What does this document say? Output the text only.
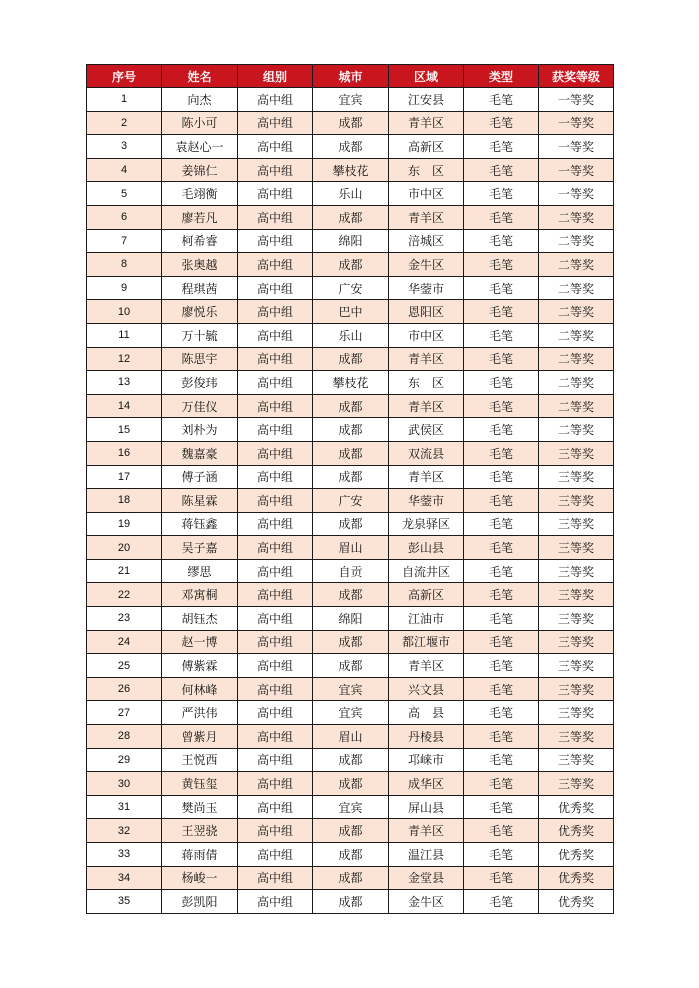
序号	姓名	组别	城市	区域	类型	获奖等级
1	向杰	高中组	宜宾	江安县	毛笔	一等奖
2	陈小可	高中组	成都	青羊区	毛笔	一等奖
3	袁赵心一	高中组	成都	高新区	毛笔	一等奖
4	姜锦仁	高中组	攀枝花	东　区	毛笔	一等奖
5	毛翊衡	高中组	乐山	市中区	毛笔	一等奖
6	廖若凡	高中组	成都	青羊区	毛笔	二等奖
7	柯希睿	高中组	绵阳	涪城区	毛笔	二等奖
8	张奥越	高中组	成都	金牛区	毛笔	二等奖
9	程琪茜	高中组	广安	华蓥市	毛笔	二等奖
10	廖悦乐	高中组	巴中	恩阳区	毛笔	二等奖
11	万十毓	高中组	乐山	市中区	毛笔	二等奖
12	陈思宇	高中组	成都	青羊区	毛笔	二等奖
13	彭俊玮	高中组	攀枝花	东　区	毛笔	二等奖
14	万佳仪	高中组	成都	青羊区	毛笔	二等奖
15	刘朴为	高中组	成都	武侯区	毛笔	二等奖
16	魏嘉豪	高中组	成都	双流县	毛笔	三等奖
17	傅子涵	高中组	成都	青羊区	毛笔	三等奖
18	陈星霖	高中组	广安	华蓥市	毛笔	三等奖
19	蒋钰鑫	高中组	成都	龙泉驿区	毛笔	三等奖
20	吴子嘉	高中组	眉山	彭山县	毛笔	三等奖
21	缪思	高中组	自贡	自流井区	毛笔	三等奖
22	邓寓桐	高中组	成都	高新区	毛笔	三等奖
23	胡钰杰	高中组	绵阳	江油市	毛笔	三等奖
24	赵一博	高中组	成都	都江堰市	毛笔	三等奖
25	傅紫霖	高中组	成都	青羊区	毛笔	三等奖
26	何林峰	高中组	宜宾	兴文县	毛笔	三等奖
27	严洪伟	高中组	宜宾	高　县	毛笔	三等奖
28	曾紫月	高中组	眉山	丹棱县	毛笔	三等奖
29	王悦西	高中组	成都	邛崃市	毛笔	三等奖
30	黄钰玺	高中组	成都	成华区	毛笔	三等奖
31	樊尚玉	高中组	宜宾	屏山县	毛笔	优秀奖
32	王翌骁	高中组	成都	青羊区	毛笔	优秀奖
33	蒋雨倩	高中组	成都	温江县	毛笔	优秀奖
34	杨峻一	高中组	成都	金堂县	毛笔	优秀奖
35	彭凯阳	高中组	成都	金牛区	毛笔	优秀奖
